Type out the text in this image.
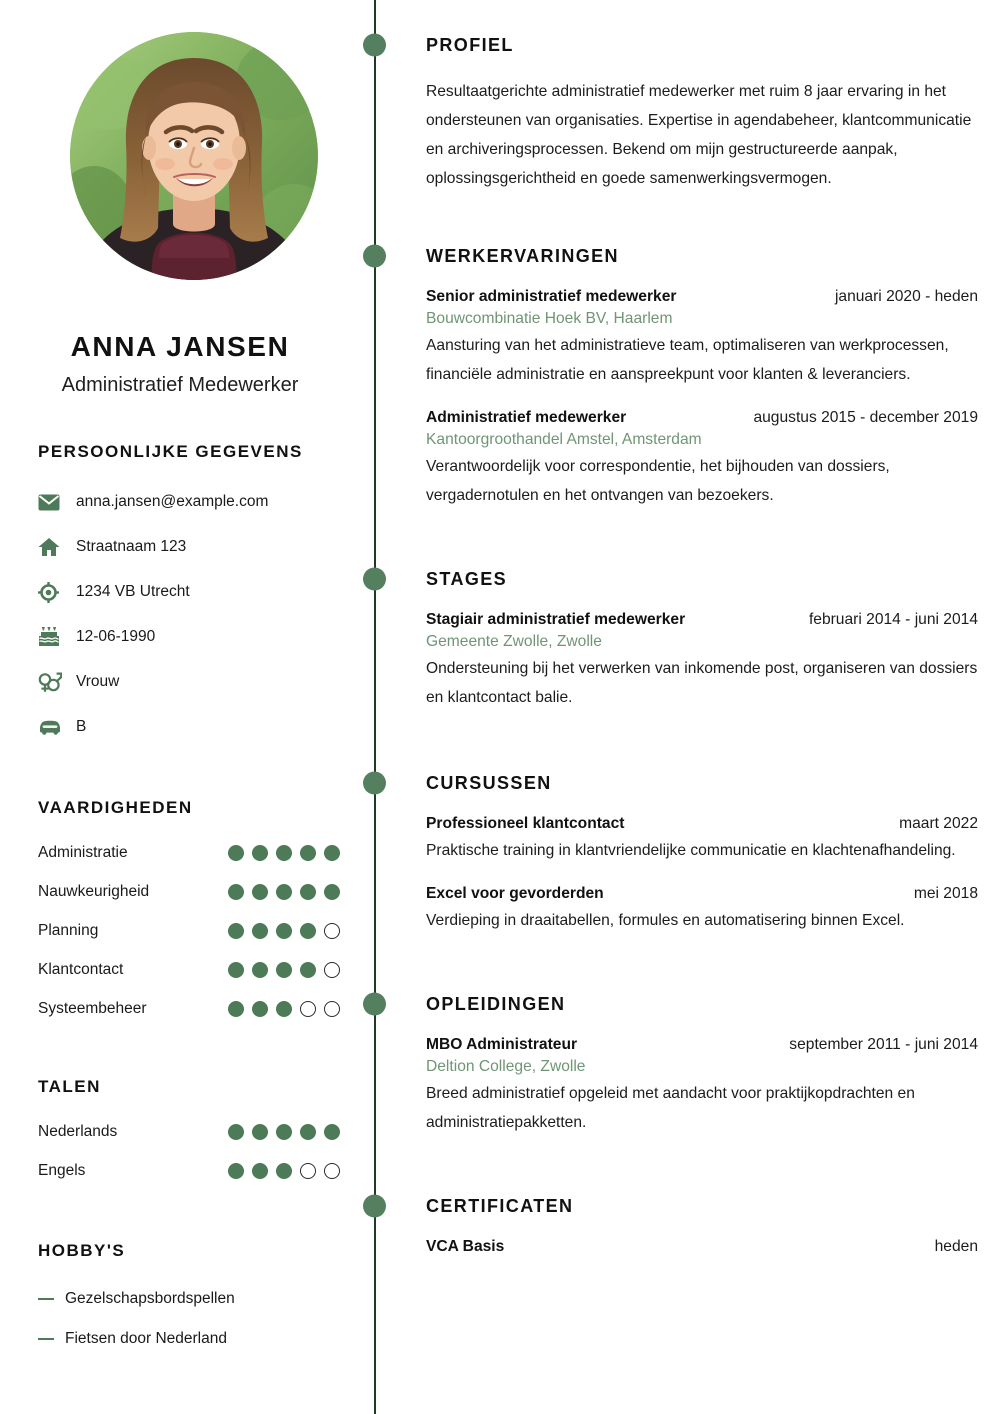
ANNA JANSEN
Administratief Medewerker
PERSOONLIJKE GEGEVENS
anna.jansen@example.com
Straatnaam 123
1234 VB Utrecht
12-06-1990
Vrouw
B
VAARDIGHEDEN
Administratie
Nauwkeurigheid
Planning
Klantcontact
Systeembeheer
TALEN
Nederlands
Engels
HOBBY'S
Gezelschapsbordspellen
Fietsen door Nederland
PROFIEL
Resultaatgerichte administratief medewerker met ruim 8 jaar ervaring in het ondersteunen van organisaties. Expertise in agendabeheer, klantcommunicatie en archiveringsprocessen. Bekend om mijn gestructureerde aanpak, oplossingsgerichtheid en goede samenwerkingsvermogen.
WERKERVARINGEN
Senior administratief medewerker	januari 2020 - heden
Bouwcombinatie Hoek BV, Haarlem
Aansturing van het administratieve team, optimaliseren van werkprocessen, financiële administratie en aanspreekpunt voor klanten & leveranciers.
Administratief medewerker	augustus 2015 - december 2019
Kantoorgroothandel Amstel, Amsterdam
Verantwoordelijk voor correspondentie, het bijhouden van dossiers, vergadernotulen en het ontvangen van bezoekers.
STAGES
Stagiair administratief medewerker	februari 2014 - juni 2014
Gemeente Zwolle, Zwolle
Ondersteuning bij het verwerken van inkomende post, organiseren van dossiers en klantcontact balie.
CURSUSSEN
Professioneel klantcontact	maart 2022
Praktische training in klantvriendelijke communicatie en klachtenafhandeling.
Excel voor gevorderden	mei 2018
Verdieping in draaitabellen, formules en automatisering binnen Excel.
OPLEIDINGEN
MBO Administrateur	september 2011 - juni 2014
Deltion College, Zwolle
Breed administratief opgeleid met aandacht voor praktijkopdrachten en administratiepakketten.
CERTIFICATEN
VCA Basis	heden
